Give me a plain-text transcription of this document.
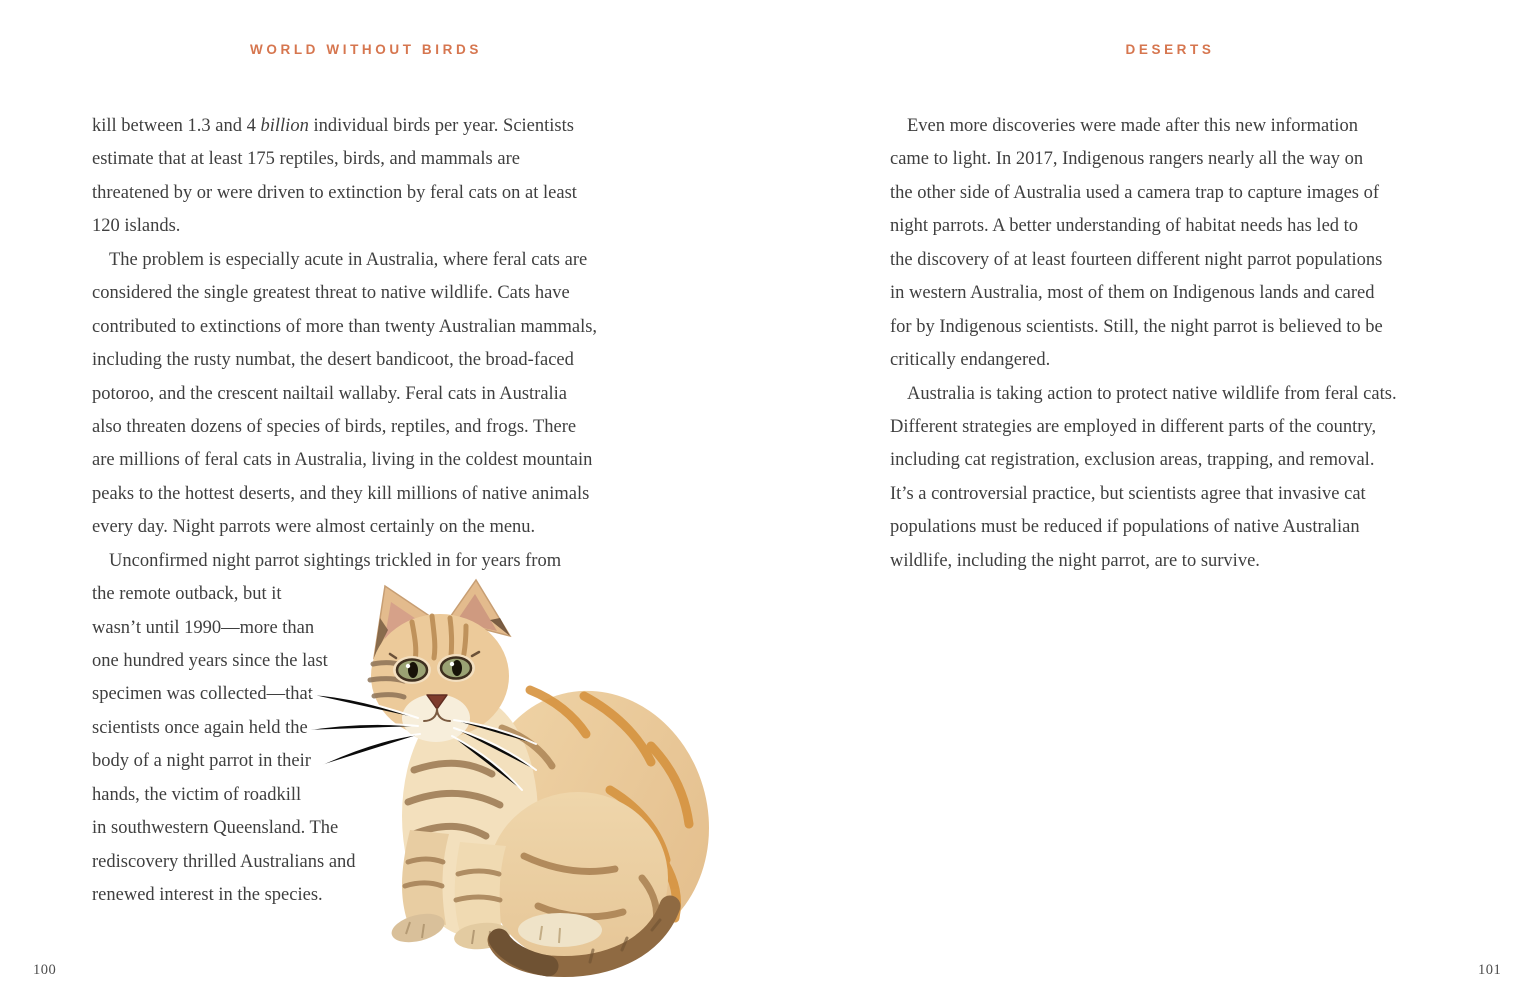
WORLD WITHOUT BIRDS	DESERTS
kill between 1.3 and 4 billion individual birds per year. Scientists
estimate that at least 175 reptiles, birds, and mammals are
threatened by or were driven to extinction by feral cats on at least
120 islands.
The problem is especially acute in Australia, where feral cats are
considered the single greatest threat to native wildlife. Cats have
contributed to extinctions of more than twenty Australian mammals,
including the rusty numbat, the desert bandicoot, the broad-faced
potoroo, and the crescent nailtail wallaby. Feral cats in Australia
also threaten dozens of species of birds, reptiles, and frogs. There
are millions of feral cats in Australia, living in the coldest mountain
peaks to the hottest deserts, and they kill millions of native animals
every day. Night parrots were almost certainly on the menu.
Unconfirmed night parrot sightings trickled in for years from
the remote outback, but it
wasn’t until 1990—more than
one hundred years since the last
specimen was collected—that
scientists once again held the
body of a night parrot in their
hands, the victim of roadkill
in southwestern Queensland. The
rediscovery thrilled Australians and
renewed interest in the species.
Even more discoveries were made after this new information
came to light. In 2017, Indigenous rangers nearly all the way on
the other side of Australia used a camera trap to capture images of
night parrots. A better understanding of habitat needs has led to
the discovery of at least fourteen different night parrot populations
in western Australia, most of them on Indigenous lands and cared
for by Indigenous scientists. Still, the night parrot is believed to be
critically endangered.
Australia is taking action to protect native wildlife from feral cats.
Different strategies are employed in different parts of the country,
including cat registration, exclusion areas, trapping, and removal.
It’s a controversial practice, but scientists agree that invasive cat
populations must be reduced if populations of native Australian
wildlife, including the night parrot, are to survive.
100	101
